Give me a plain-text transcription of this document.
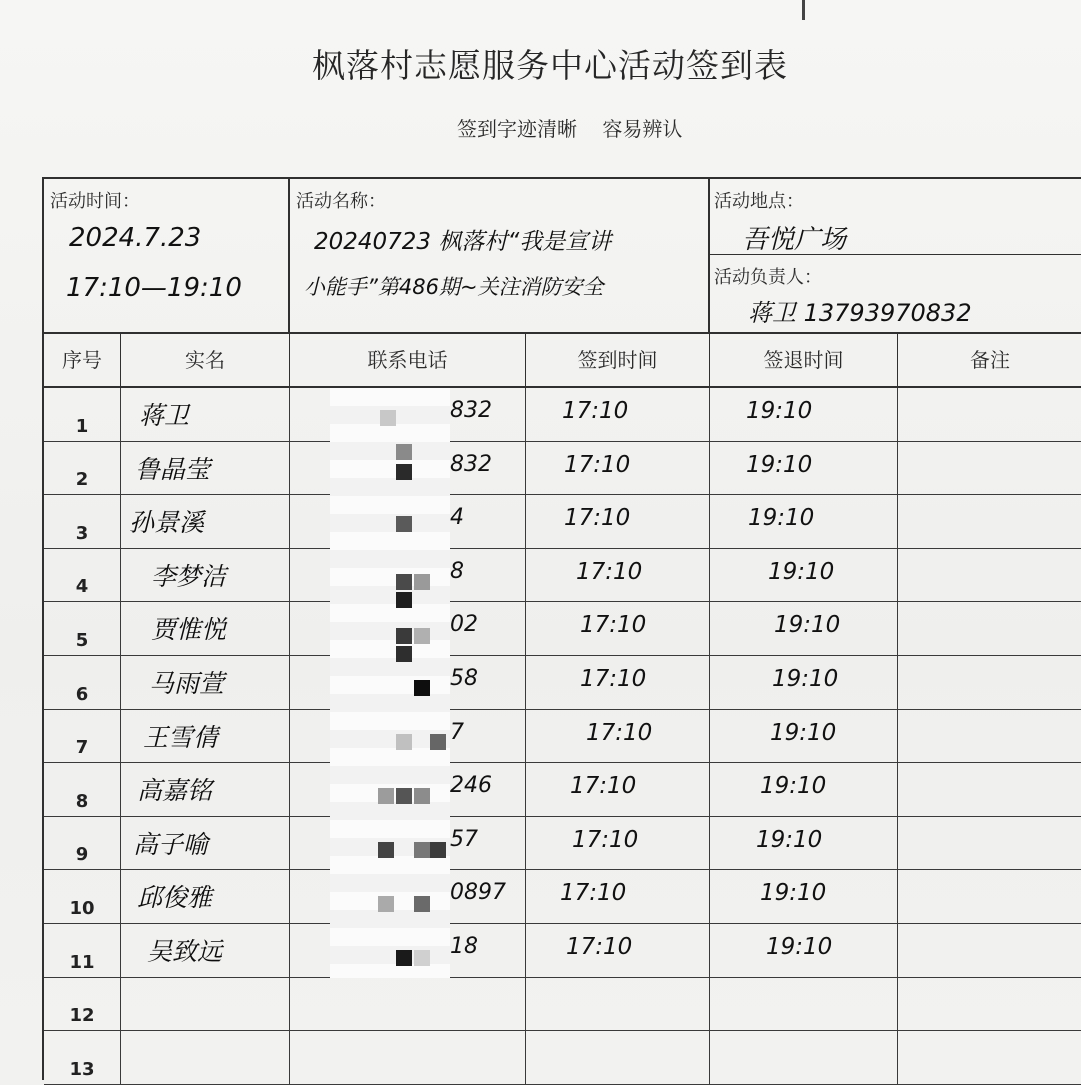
枫落村志愿服务中心活动签到表
签到字迹清晰    容易辨认
活动时间：
2024.7.23
17:10—19:10
活动名称：
20240723 枫落村“我是宣讲
小能手”第486期~关注消防安全
活动地点：
吾悦广场
活动负责人：
蒋卫 13793970832
序号	实名	联系电话	签到时间	签退时间	备注
1	蒋卫	832	17:10	19:10
2	鲁晶莹	832	17:10	19:10
3	孙景溪	4	17:10	19:10
4	李梦洁	8	17:10	19:10
5	贾惟悦	02	17:10	19:10
6	马雨萱	58	17:10	19:10
7	王雪倩	7	17:10	19:10
8	高嘉铭	246	17:10	19:10
9	高子喻	57	17:10	19:10
10	邱俊雅	0897 17:10	19:10
11	吴致远	18	17:10	19:10
12
13
